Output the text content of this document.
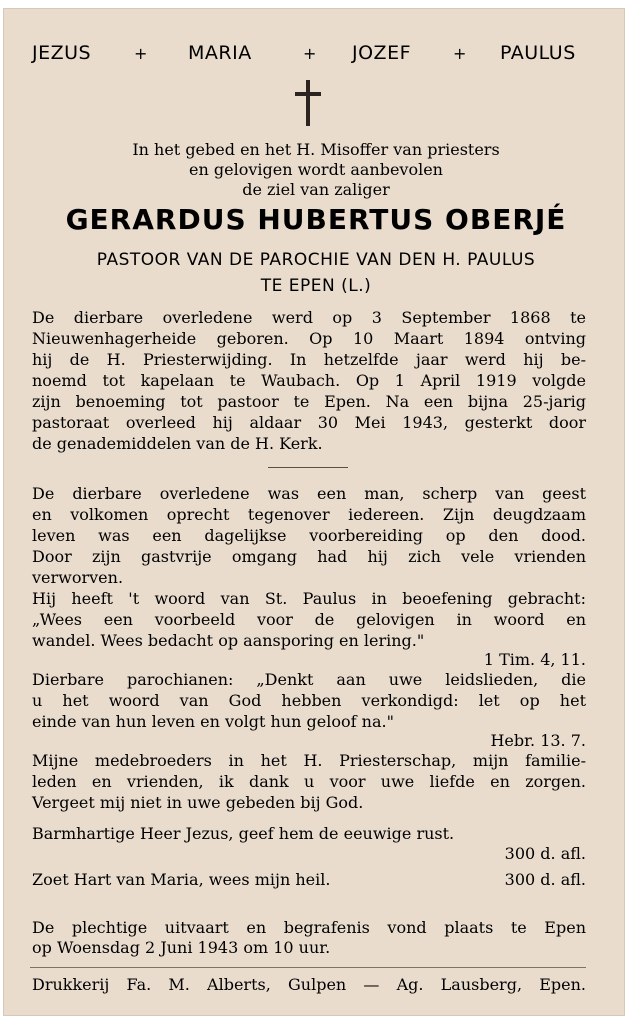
JEZUS	+ MARIA	+ JOZEF	+ PAULUS
In het gebed en het H. Misoffer van priesters
en gelovigen wordt aanbevolen
de ziel van zaliger
GERARDUS HUBERTUS OBERJÉ
PASTOOR VAN DE PAROCHIE VAN DEN H. PAULUS
TE EPEN (L.)
De dierbare overledene werd op 3 September 1868 te
Nieuwenhagerheide geboren. Op 10 Maart 1894 ontving
hij de H. Priesterwijding. In hetzelfde jaar werd hij be-
noemd tot kapelaan te Waubach. Op 1 April 1919 volgde
zijn benoeming tot pastoor te Epen. Na een bijna 25-jarig
pastoraat overleed hij aldaar 30 Mei 1943, gesterkt door
de genademiddelen van de H. Kerk.
De dierbare overledene was een man, scherp van geest
en volkomen oprecht tegenover iedereen. Zijn deugdzaam
leven was een dagelijkse voorbereiding op den dood.
Door zijn gastvrije omgang had hij zich vele vrienden
verworven.
Hij heeft 't woord van St. Paulus in beoefening gebracht:
„Wees een voorbeeld voor de gelovigen in woord en
wandel. Wees bedacht op aansporing en lering."
1 Tim. 4, 11.
Dierbare parochianen: „Denkt aan uwe leidslieden, die
u het woord van God hebben verkondigd: let op het
einde van hun leven en volgt hun geloof na."
Hebr. 13. 7.
Mijne medebroeders in het H. Priesterschap, mijn familie-
leden en vrienden, ik dank u voor uwe liefde en zorgen.
Vergeet mij niet in uwe gebeden bij God.
Barmhartige Heer Jezus, geef hem de eeuwige rust.
300 d. afl.
Zoet Hart van Maria, wees mijn heil.	300 d. afl.
De plechtige uitvaart en begrafenis vond plaats te Epen
op Woensdag 2 Juni 1943 om 10 uur.
Drukkerij Fa. M. Alberts, Gulpen — Ag. Lausberg, Epen.
